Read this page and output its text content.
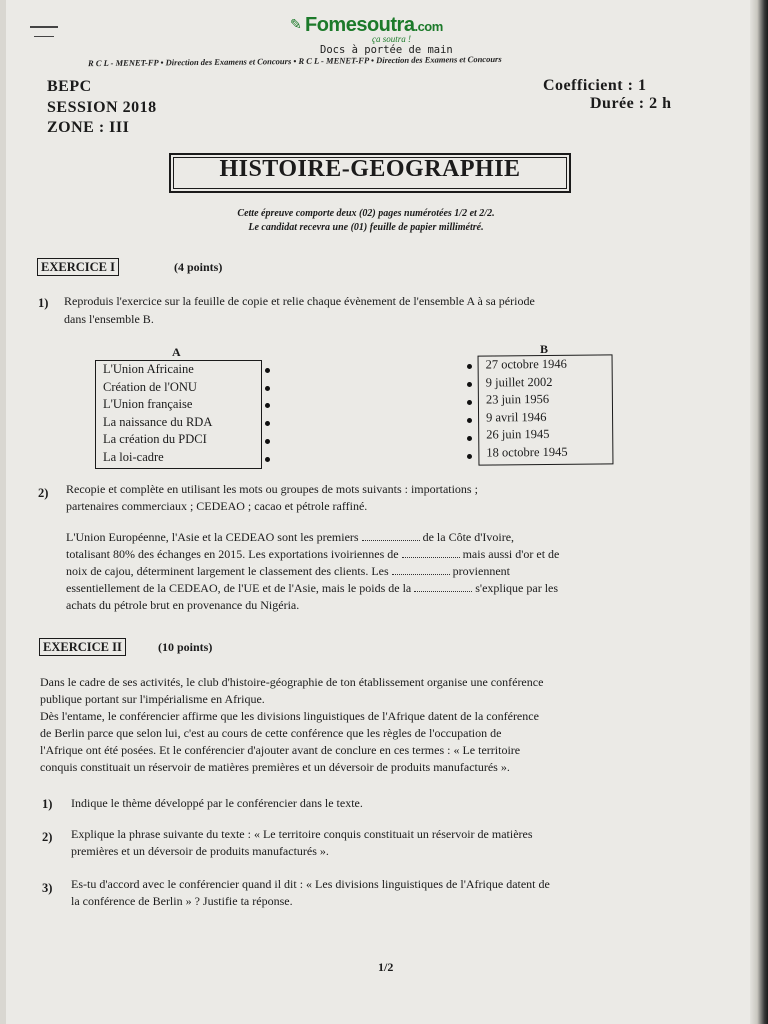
✎ Fomesoutra.com
ça soutra !
Docs à portée de main
R C L - MENET-FP • Direction des Examens et Concours • R C L - MENET-FP • Direction des Examens et Concours
BEPC
SESSION 2018
ZONE : III
Coefficient : 1
Durée : 2 h
HISTOIRE-GEOGRAPHIE
Cette épreuve comporte deux (02) pages numérotées 1/2 et 2/2.
Le candidat recevra une (01) feuille de papier millimétré.
EXERCICE I	(4 points)
1) Reproduis l'exercice sur la feuille de copie et relie chaque évènement de l'ensemble A à sa période
dans l'ensemble B.
A	B
L'Union Africaine
Création de l'ONU
L'Union française
La naissance du RDA
La création du PDCI
La loi-cadre
27 octobre 1946
9 juillet 2002
23 juin 1956
9 avril 1946
26 juin 1945
18 octobre 1945
2) Recopie et complète en utilisant les mots ou groupes de mots suivants : importations ;
partenaires commerciaux ; CEDEAO ; cacao et pétrole raffiné.
L'Union Européenne, l'Asie et la CEDEAO sont les premiers	de la Côte d'Ivoire,
totalisant 80% des échanges en 2015. Les exportations ivoiriennes de	mais aussi d'or et de
noix de cajou, déterminent largement le classement des clients. Les	proviennent
essentiellement de la CEDEAO, de l'UE et de l'Asie, mais le poids de la	s'explique par les
achats du pétrole brut en provenance du Nigéria.
EXERCICE II	(10 points)
Dans le cadre de ses activités, le club d'histoire-géographie de ton établissement organise une conférence
publique portant sur l'impérialisme en Afrique.
Dès l'entame, le conférencier affirme que les divisions linguistiques de l'Afrique datent de la conférence
de Berlin parce que selon lui, c'est au cours de cette conférence que les règles de l'occupation de
l'Afrique ont été posées. Et le conférencier d'ajouter avant de conclure en ces termes : « Le territoire
conquis constituait un réservoir de matières premières et un déversoir de produits manufacturés ».
1) Indique le thème développé par le conférencier dans le texte.
2) Explique la phrase suivante du texte : « Le territoire conquis constituait un réservoir de matières
premières et un déversoir de produits manufacturés ».
3) Es-tu d'accord avec le conférencier quand il dit : « Les divisions linguistiques de l'Afrique datent de
la conférence de Berlin » ? Justifie ta réponse.
1/2
